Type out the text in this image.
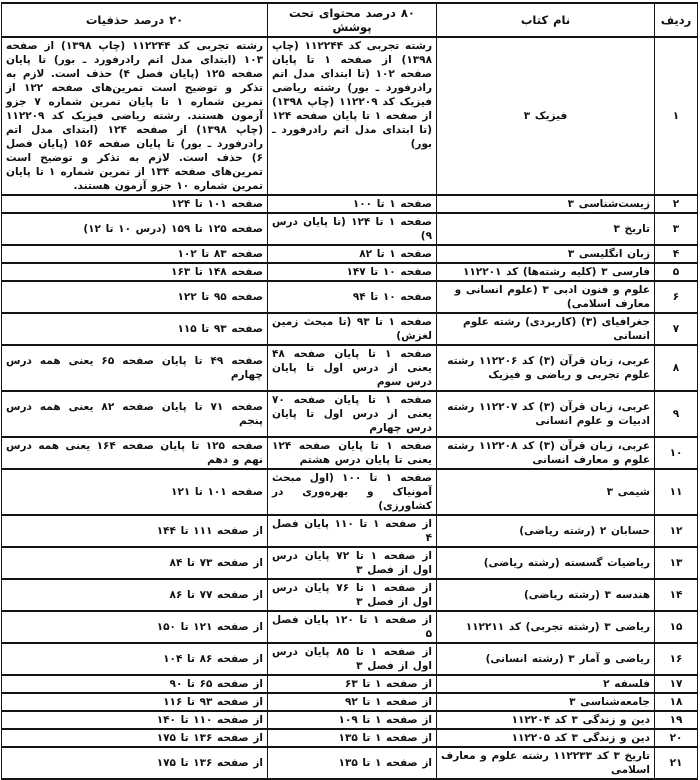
ردیف	نام کتاب	۸۰ درصد محتوای تحت پوشش	۲۰ درصد حذفیات
۱	فیزیک ۳	رشته تجربی کد ۱۱۲۲۴۴ (چاپ ۱۳۹۸) از صفحه ۱ تا پایان صفحه ۱۰۲ (تا ابتدای مدل اتم رادرفورد ـ بور) رشته ریاضی فیزیک کد ۱۱۲۲۰۹ (چاپ ۱۳۹۸) از صفحه ۱ تا پایان صفحه ۱۲۴ (تا ابتدای مدل اتم رادرفورد ـ بور)	رشته تجربی کد ۱۱۲۲۴۴ (چاپ ۱۳۹۸) از صفحه ۱۰۳ (ابتدای مدل اتم رادرفورد ـ بور) تا پایان صفحه ۱۲۵ (پایان فصل ۴) حذف است. لازم به تذکر و توضیح است تمرین‌های صفحه ۱۲۲ از تمرین شماره ۱ تا پایان تمرین شماره ۷ جزو آزمون هستند. رشته ریاضی فیزیک کد ۱۱۲۲۰۹ (چاپ ۱۳۹۸) از صفحه ۱۲۴ (ابتدای مدل اتم رادرفورد ـ بور) تا پایان صفحه ۱۵۶ (پایان فصل ۶) حذف است. لازم به تذکر و توضیح است تمرین‌های صفحه ۱۳۴ از تمرین شماره ۱ تا پایان تمرین شماره ۱۰ جزو آزمون هستند.
۲	زیست‌شناسی ۳	صفحه ۱ تا ۱۰۰	صفحه ۱۰۱ تا ۱۲۴
۳	تاریخ ۳	صفحه ۱ تا ۱۲۴ (تا پایان درس ۹)	صفحه ۱۲۵ تا ۱۵۹ (درس ۱۰ تا ۱۲)
۴	زبان انگلیسی ۳	صفحه ۱ تا ۸۲	صفحه ۸۳ تا ۱۰۲
۵	فارسی ۳ (کلیه رشته‌ها) کد ۱۱۲۲۰۱	صفحه ۱۰ تا ۱۴۷	صفحه ۱۴۸ تا ۱۶۳
۶	علوم و فنون ادبی ۳ (علوم انسانی و معارف اسلامی)	صفحه ۱۰ تا ۹۴	صفحه ۹۵ تا ۱۲۲
۷	جغرافیای (۳) (کاربردی) رشته علوم انسانی	صفحه ۱ تا ۹۳ (تا مبحث زمین لغزش)	صفحه ۹۳ تا ۱۱۵
۸	عربی، زبان قرآن (۳) کد ۱۱۲۲۰۶ رشته علوم تجربی و ریاضی و فیزیک	صفحه ۱ تا پایان صفحه ۴۸ یعنی از درس اول تا پایان درس سوم	صفحه ۴۹ تا پایان صفحه ۶۵ یعنی همه درس چهارم
۹	عربی، زبان قرآن (۳) کد ۱۱۲۲۰۷ رشته ادبیات و علوم انسانی	صفحه ۱ تا پایان صفحه ۷۰ یعنی از درس اول تا پایان درس چهارم	صفحه ۷۱ تا پایان صفحه ۸۲ یعنی همه درس پنجم
۱۰	عربی، زبان قرآن (۳) کد ۱۱۲۲۰۸ رشته علوم و معارف انسانی	صفحه ۱ تا پایان صفحه ۱۲۴ یعنی تا پایان درس هشتم	صفحه ۱۲۵ تا پایان صفحه ۱۶۴ یعنی همه درس نهم و دهم
۱۱	شیمی ۳	صفحه ۱ تا ۱۰۰ (اول مبحث آمونیاک و بهره‌وری در کشاورزی)	صفحه ۱۰۱ تا ۱۲۱
۱۲	حسابان ۲ (رشته ریاضی)	از صفحه ۱ تا ۱۱۰ پایان فصل ۴	از صفحه ۱۱۱ تا ۱۴۴
۱۳	ریاضیات گسسته (رشته ریاضی)	از صفحه ۱ تا ۷۲ پایان درس اول از فصل ۳	از صفحه ۷۳ تا ۸۴
۱۴	هندسه ۳ (رشته ریاضی)	از صفحه ۱ تا ۷۶ پایان درس اول از فصل ۳	از صفحه ۷۷ تا ۸۶
۱۵	ریاضی ۳ (رشته تجربی) کد ۱۱۲۲۱۱	از صفحه ۱ تا ۱۲۰ پایان فصل ۵	از صفحه ۱۲۱ تا ۱۵۰
۱۶	ریاضی و آمار ۳ (رشته انسانی)	از صفحه ۱ تا ۸۵ پایان درس اول از فصل ۳	از صفحه ۸۶ تا ۱۰۴
۱۷	فلسفه ۲	از صفحه ۱ تا ۶۳	از صفحه ۶۵ تا ۹۰
۱۸	جامعه‌شناسی ۳	از صفحه ۱ تا ۹۲	از صفحه ۹۳ تا ۱۱۶
۱۹	دین و زندگی ۳ کد ۱۱۲۲۰۴	از صفحه ۱ تا ۱۰۹	از صفحه ۱۱۰ تا ۱۴۰
۲۰	دین و زندگی ۳ کد ۱۱۲۲۰۵	از صفحه ۱ تا ۱۳۵	از صفحه ۱۳۶ تا ۱۷۵
۲۱	تاریخ ۳ کد ۱۱۲۲۳۳ رشته علوم و معارف اسلامی	از صفحه ۱ تا ۱۳۵	از صفحه ۱۳۶ تا ۱۷۵
